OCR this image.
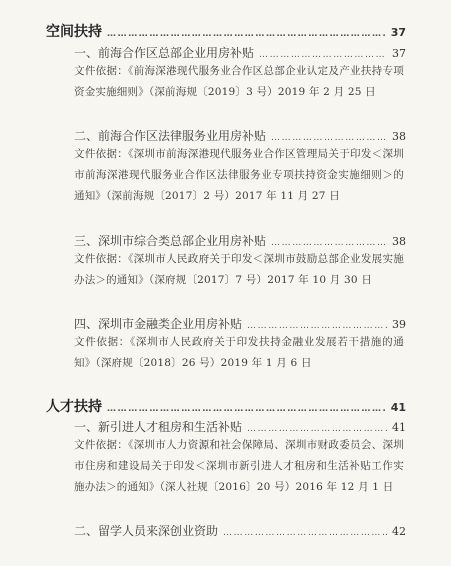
空间扶持 ……………………………………………………………………………………………………………………………………………	37
一、前海合作区总部企业用房补贴 ……………………………………………………………………………………………………………………………………………	37
文件依据：《前海深港现代服务业合作区总部企业认定及产业扶持专项资金实施细则》（深前海规〔2019〕3 号）2019 年 2 月 25 日
二、前海合作区法律服务业用房补贴 ……………………………………………………………………………………………………………………………………………	38
文件依据：《深圳市前海深港现代服务业合作区管理局关于印发＜深圳市前海深港现代服务业合作区法律服务业专项扶持资金实施细则＞的通知》（深前海规〔2017〕2 号）2017 年 11 月 27 日
三、深圳市综合类总部企业用房补贴 ……………………………………………………………………………………………………………………………………………	38
文件依据：《深圳市人民政府关于印发＜深圳市鼓励总部企业发展实施办法＞的通知》（深府规〔2017〕7 号）2017 年 10 月 30 日
四、深圳市金融类企业用房补贴 ……………………………………………………………………………………………………………………………………………	39
文件依据：《深圳市人民政府关于印发扶持金融业发展若干措施的通知》（深府规〔2018〕26 号）2019 年 1 月 6 日
人才扶持 ……………………………………………………………………………………………………………………………………………	41
一、新引进人才租房和生活补贴 ……………………………………………………………………………………………………………………………………………	41
文件依据：《深圳市人力资源和社会保障局、深圳市财政委员会、深圳市住房和建设局关于印发＜深圳市新引进人才租房和生活补贴工作实施办法＞的通知》（深人社规〔2016〕20 号）2016 年 12 月 1 日
二、留学人员来深创业资助 ……………………………………………………………………………………………………………………………………………	42
